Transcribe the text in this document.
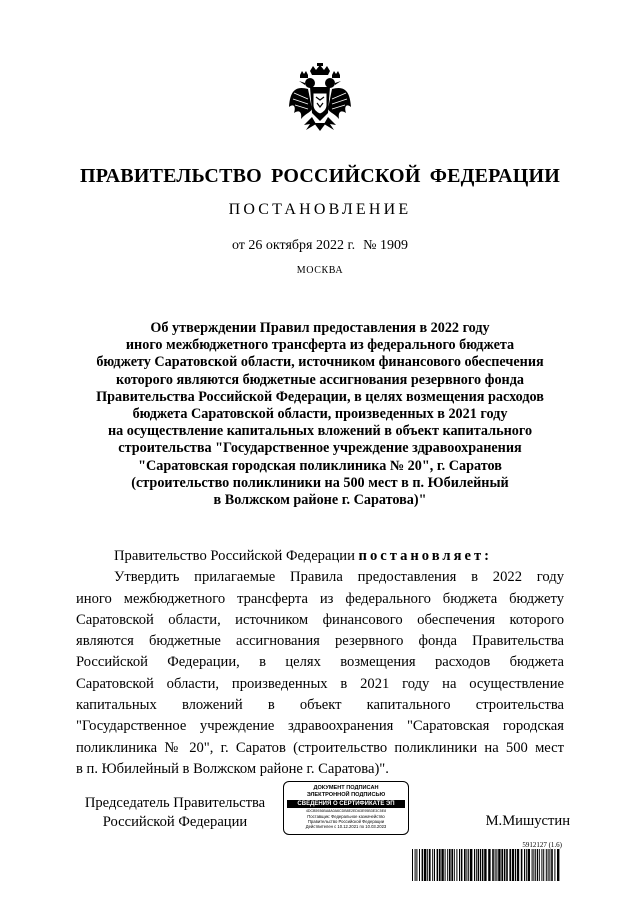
ПРАВИТЕЛЬСТВО РОССИЙСКОЙ ФЕДЕРАЦИИ
ПОСТАНОВЛЕНИЕ
от 26 октября 2022 г. № 1909
МОСКВА
Об утверждении Правил предоставления в 2022 году
иного межбюджетного трансферта из федерального бюджета
бюджету Саратовской области, источником финансового обеспечения
которого являются бюджетные ассигнования резервного фонда
Правительства Российской Федерации, в целях возмещения расходов
бюджета Саратовской области, произведенных в 2021 году
на осуществление капитальных вложений в объект капитального
строительства "Государственное учреждение здравоохранения
"Саратовская городская поликлиника № 20", г. Саратов
(строительство поликлиники на 500 мест в п. Юбилейный
в Волжском районе г. Саратова)"
Правительство Российской Федерации постановляет:
Утвердить прилагаемые Правила предоставления в 2022 году
иного межбюджетного трансферта из федерального бюджета бюджету
Саратовской области, источником финансового обеспечения которого
являются бюджетные ассигнования резервного фонда Правительства
Российской Федерации, в целях возмещения расходов бюджета
Саратовской области, произведенных в 2021 году на осуществление
капитальных вложений в объект капитального строительства
"Государственное учреждение здравоохранения "Саратовская городская
поликлиника № 20", г. Саратов (строительство поликлиники на 500 мест
в п. Юбилейный в Волжском районе г. Саратова)".
Председатель Правительства
Российской Федерации
ДОКУМЕНТ ПОДПИСАН
ЭЛЕКТРОННОЙ ПОДПИСЬЮ
СВЕДЕНИЯ О СЕРТИФИКАТЕ ЭП
4DCB5936BA8A0A6CDB8E2ED63E95B3E3C5E8
Поставщик: Федеральное казначейство
Правительство Российской Федерации
Действителен с 10.12.2021 по 10.03.2023	М.Мишустин
5912127 (1.6)
